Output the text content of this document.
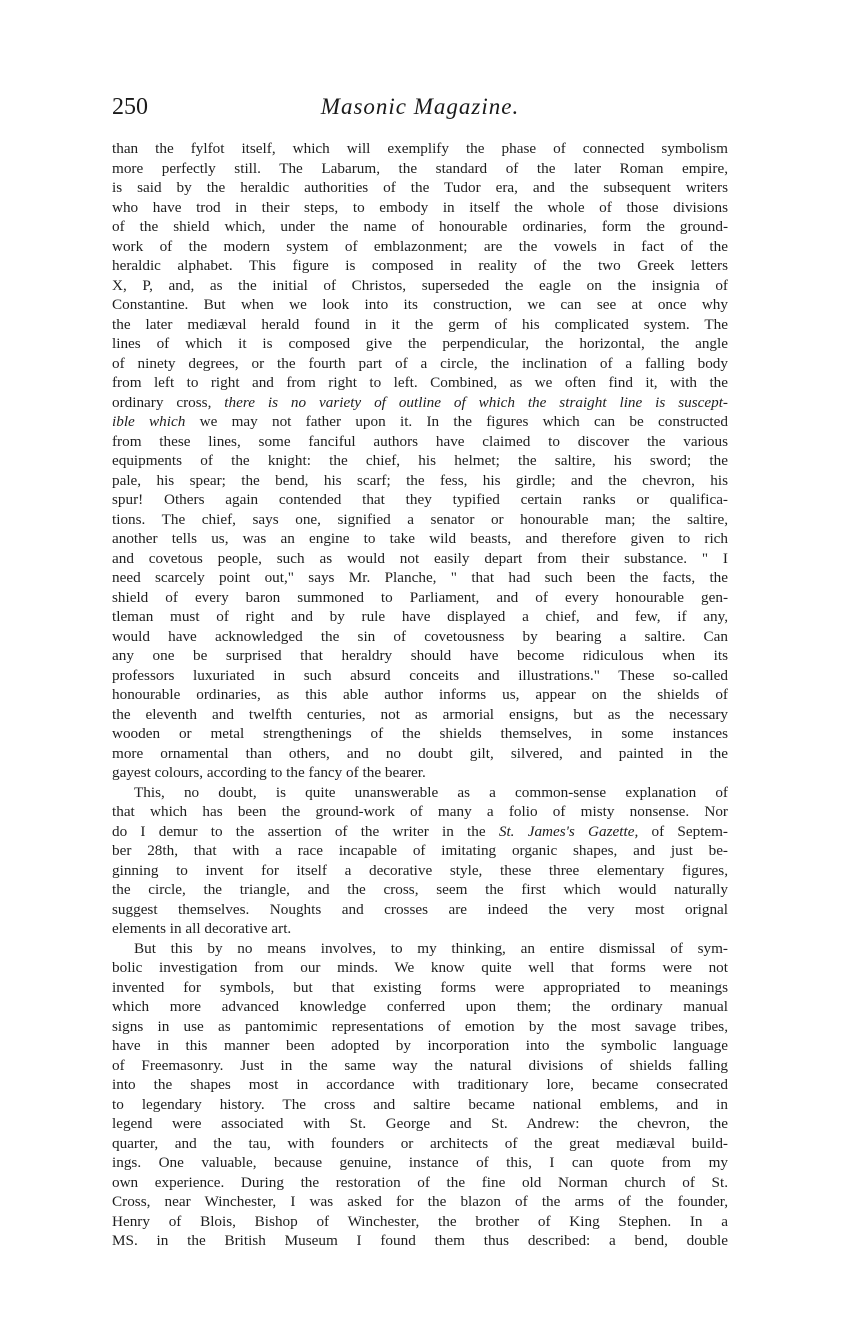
250	Masonic Magazine.
than the fylfot itself, which will exemplify the phase of connected symbolism
more perfectly still. The Labarum, the standard of the later Roman empire,
is said by the heraldic authorities of the Tudor era, and the subsequent writers
who have trod in their steps, to embody in itself the whole of those divisions
of the shield which, under the name of honourable ordinaries, form the ground-
work of the modern system of emblazonment; are the vowels in fact of the
heraldic alphabet. This figure is composed in reality of the two Greek letters
X, P, and, as the initial of Christos, superseded the eagle on the insignia of
Constantine. But when we look into its construction, we can see at once why
the later mediæval herald found in it the germ of his complicated system. The
lines of which it is composed give the perpendicular, the horizontal, the angle
of ninety degrees, or the fourth part of a circle, the inclination of a falling body
from left to right and from right to left. Combined, as we often find it, with the
ordinary cross, there is no variety of outline of which the straight line is suscept-
ible which we may not father upon it. In the figures which can be constructed
from these lines, some fanciful authors have claimed to discover the various
equipments of the knight: the chief, his helmet; the saltire, his sword; the
pale, his spear; the bend, his scarf; the fess, his girdle; and the chevron, his
spur! Others again contended that they typified certain ranks or qualifica-
tions. The chief, says one, signified a senator or honourable man; the saltire,
another tells us, was an engine to take wild beasts, and therefore given to rich
and covetous people, such as would not easily depart from their substance. " I
need scarcely point out," says Mr. Planche, " that had such been the facts, the
shield of every baron summoned to Parliament, and of every honourable gen-
tleman must of right and by rule have displayed a chief, and few, if any,
would have acknowledged the sin of covetousness by bearing a saltire. Can
any one be surprised that heraldry should have become ridiculous when its
professors luxuriated in such absurd conceits and illustrations." These so-called
honourable ordinaries, as this able author informs us, appear on the shields of
the eleventh and twelfth centuries, not as armorial ensigns, but as the necessary
wooden or metal strengthenings of the shields themselves, in some instances
more ornamental than others, and no doubt gilt, silvered, and painted in the
gayest colours, according to the fancy of the bearer.
This, no doubt, is quite unanswerable as a common-sense explanation of
that which has been the ground-work of many a folio of misty nonsense. Nor
do I demur to the assertion of the writer in the St. James's Gazette, of Septem-
ber 28th, that with a race incapable of imitating organic shapes, and just be-
ginning to invent for itself a decorative style, these three elementary figures,
the circle, the triangle, and the cross, seem the first which would naturally
suggest themselves. Noughts and crosses are indeed the very most orignal
elements in all decorative art.
But this by no means involves, to my thinking, an entire dismissal of sym-
bolic investigation from our minds. We know quite well that forms were not
invented for symbols, but that existing forms were appropriated to meanings
which more advanced knowledge conferred upon them; the ordinary manual
signs in use as pantomimic representations of emotion by the most savage tribes,
have in this manner been adopted by incorporation into the symbolic language
of Freemasonry. Just in the same way the natural divisions of shields falling
into the shapes most in accordance with traditionary lore, became consecrated
to legendary history. The cross and saltire became national emblems, and in
legend were associated with St. George and St. Andrew: the chevron, the
quarter, and the tau, with founders or architects of the great mediæval build-
ings. One valuable, because genuine, instance of this, I can quote from my
own experience. During the restoration of the fine old Norman church of St.
Cross, near Winchester, I was asked for the blazon of the arms of the founder,
Henry of Blois, Bishop of Winchester, the brother of King Stephen. In a
MS. in the British Museum I found them thus described: a bend, double
